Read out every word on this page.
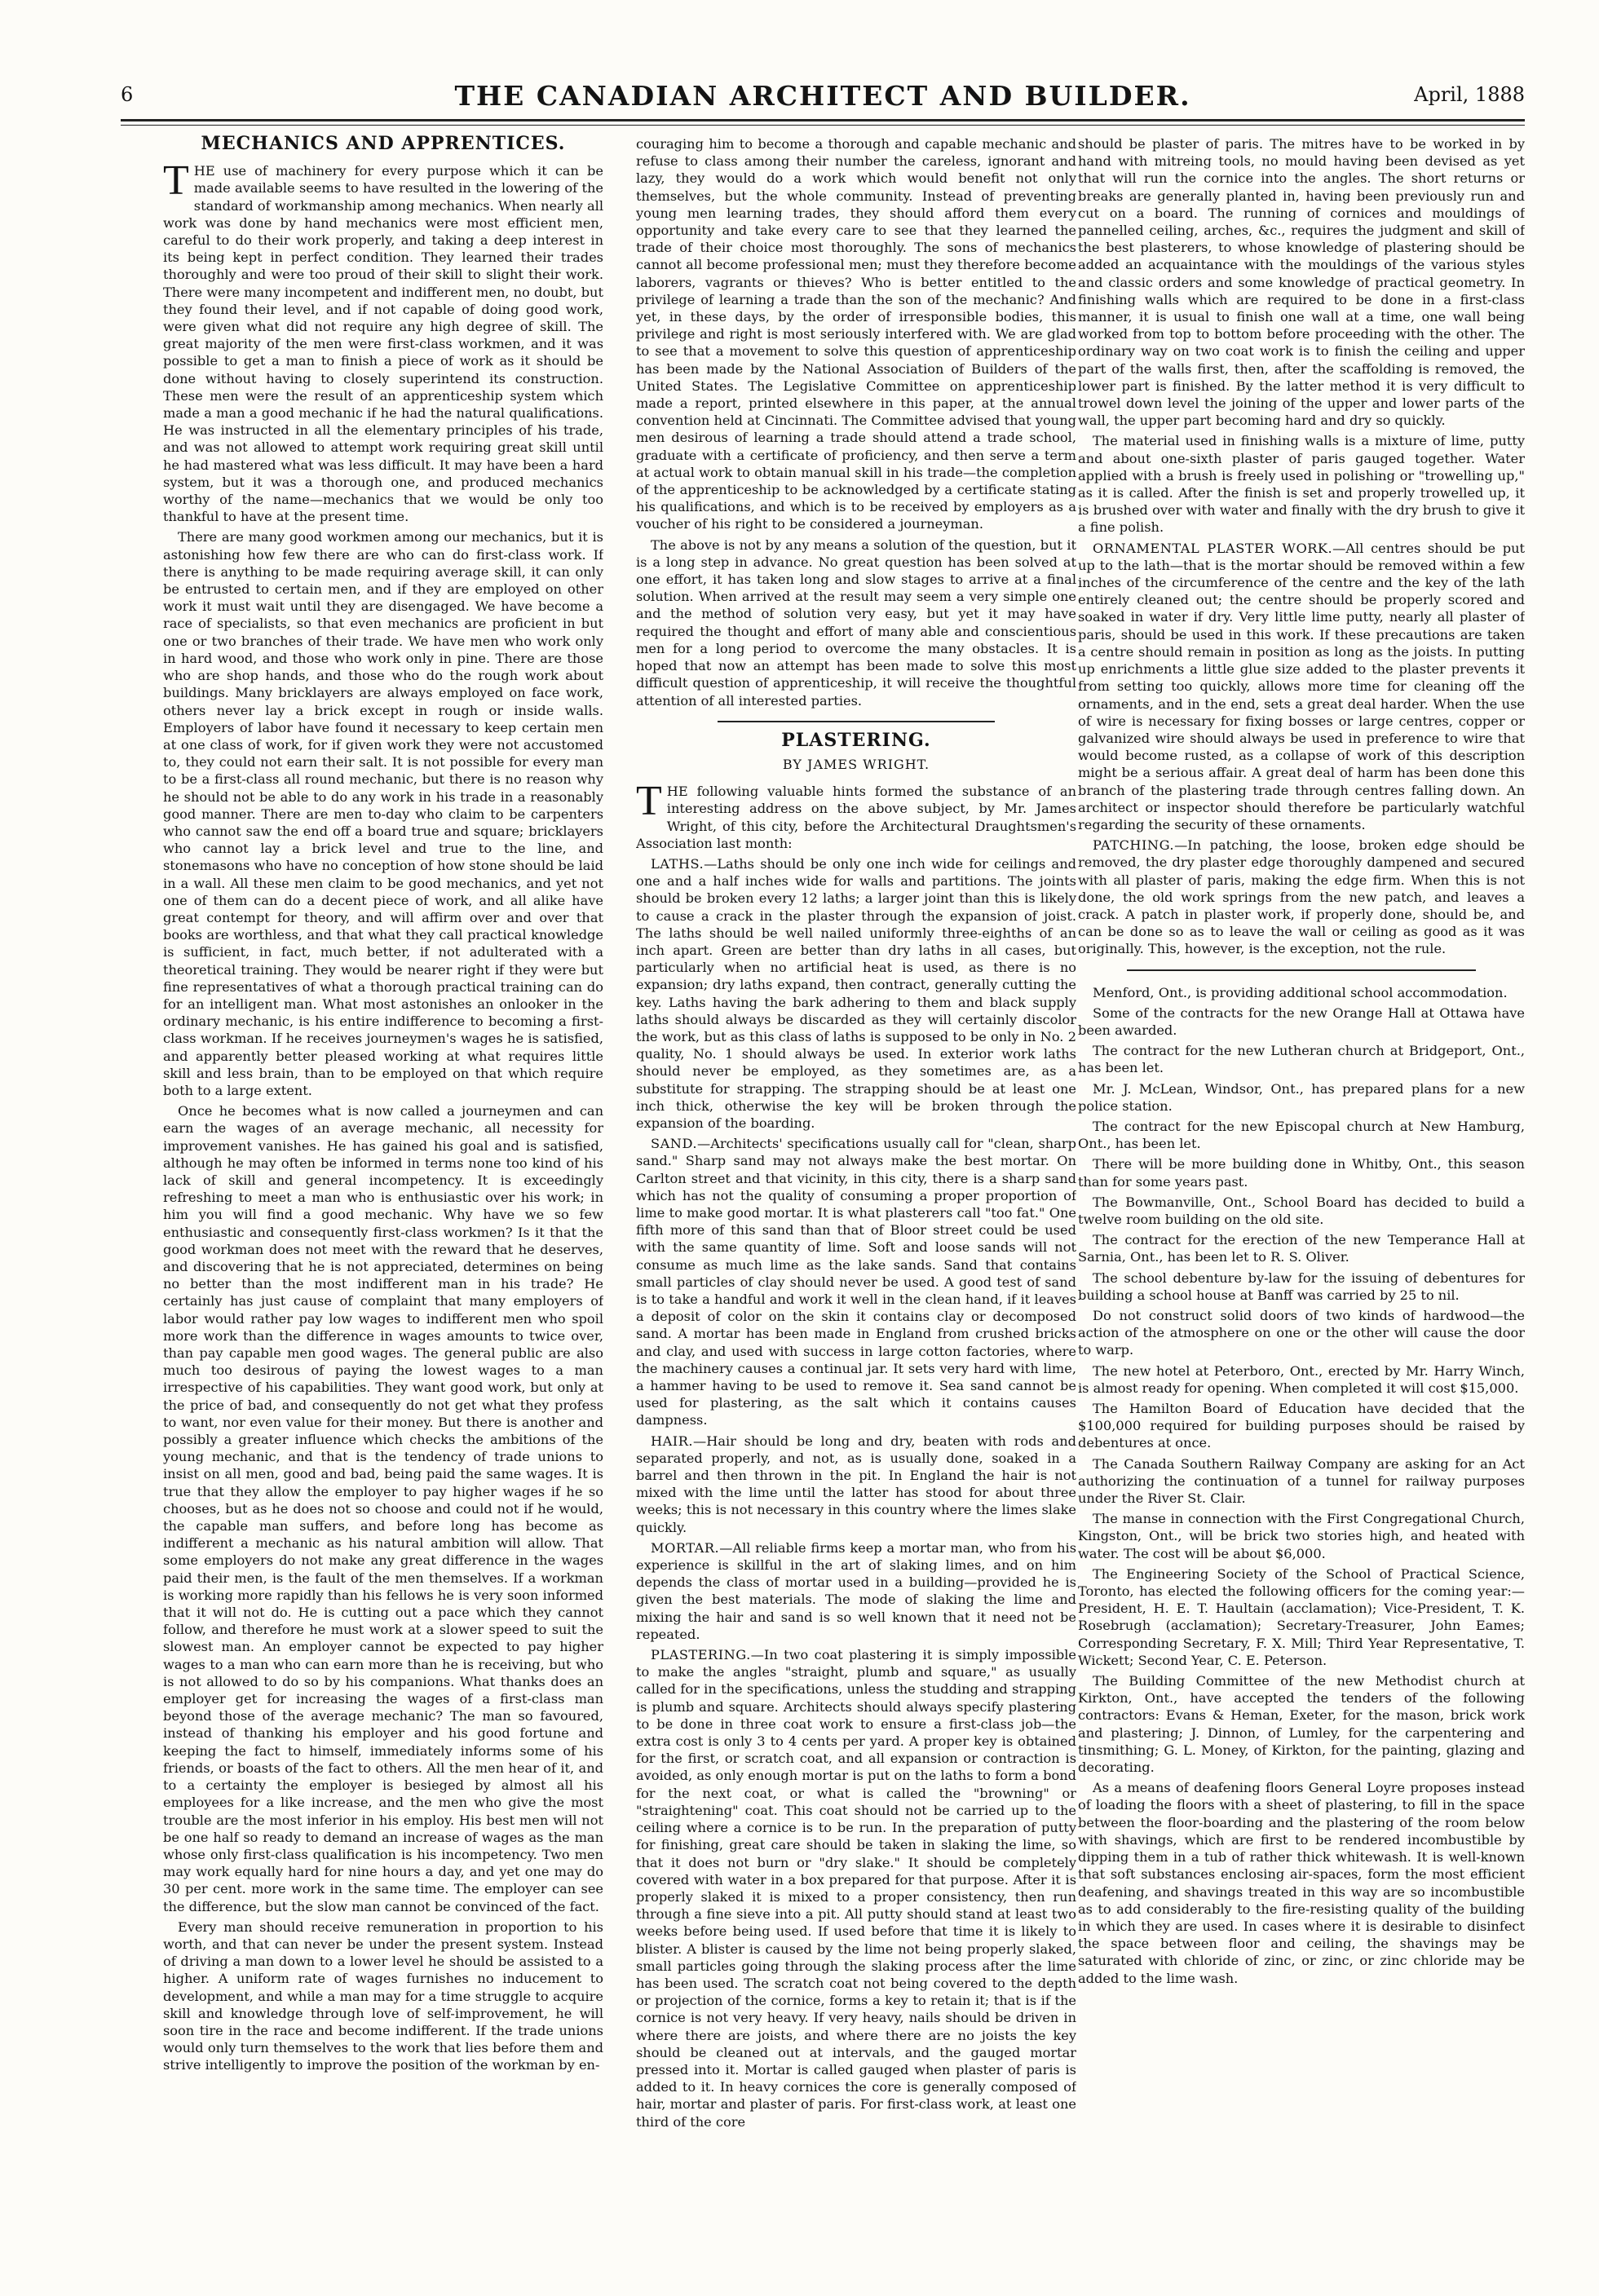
6	THE CANADIAN ARCHITECT AND BUILDER.	April, 1888
MECHANICS AND APPRENTICES.

THE use of machinery for every purpose which it can be made available seems to have resulted in the lowering of the standard of workmanship among mechanics. When nearly all work was done by hand mechanics were most efficient men, careful to do their work properly, and taking a deep interest in its being kept in perfect condition. They learned their trades thoroughly and were too proud of their skill to slight their work. There were many incompetent and indifferent men, no doubt, but they found their level, and if not capable of doing good work, were given what did not require any high degree of skill. The great majority of the men were first-class workmen, and it was possible to get a man to finish a piece of work as it should be done without having to closely superintend its construction. These men were the result of an apprenticeship system which made a man a good mechanic if he had the natural qualifications. He was instructed in all the elementary principles of his trade, and was not allowed to attempt work requiring great skill until he had mastered what was less difficult. It may have been a hard system, but it was a thorough one, and produced mechanics worthy of the name—mechanics that we would be only too thankful to have at the present time.

There are many good workmen among our mechanics, but it is astonishing how few there are who can do first-class work. If there is anything to be made requiring average skill, it can only be entrusted to certain men, and if they are employed on other work it must wait until they are disengaged. We have become a race of specialists, so that even mechanics are proficient in but one or two branches of their trade. We have men who work only in hard wood, and those who work only in pine. There are those who are shop hands, and those who do the rough work about buildings. Many bricklayers are always employed on face work, others never lay a brick except in rough or inside walls. Employers of labor have found it necessary to keep certain men at one class of work, for if given work they were not accustomed to, they could not earn their salt. It is not possible for every man to be a first-class all round mechanic, but there is no reason why he should not be able to do any work in his trade in a reasonably good manner. There are men to-day who claim to be carpenters who cannot saw the end off a board true and square; bricklayers who cannot lay a brick level and true to the line, and stonemasons who have no conception of how stone should be laid in a wall. All these men claim to be good mechanics, and yet not one of them can do a decent piece of work, and all alike have great contempt for theory, and will affirm over and over that books are worthless, and that what they call practical knowledge is sufficient, in fact, much better, if not adulterated with a theoretical training. They would be nearer right if they were but fine representatives of what a thorough practical training can do for an intelligent man. What most astonishes an onlooker in the ordinary mechanic, is his entire indifference to becoming a first-class workman. If he receives journeymen's wages he is satisfied, and apparently better pleased working at what requires little skill and less brain, than to be employed on that which require both to a large extent.

Once he becomes what is now called a journeymen and can earn the wages of an average mechanic, all necessity for improvement vanishes. He has gained his goal and is satisfied, although he may often be informed in terms none too kind of his lack of skill and general incompetency. It is exceedingly refreshing to meet a man who is enthusiastic over his work; in him you will find a good mechanic. Why have we so few enthusiastic and consequently first-class workmen? Is it that the good workman does not meet with the reward that he deserves, and discovering that he is not appreciated, determines on being no better than the most indifferent man in his trade? He certainly has just cause of complaint that many employers of labor would rather pay low wages to indifferent men who spoil more work than the difference in wages amounts to twice over, than pay capable men good wages. The general public are also much too desirous of paying the lowest wages to a man irrespective of his capabilities. They want good work, but only at the price of bad, and consequently do not get what they profess to want, nor even value for their money. But there is another and possibly a greater influence which checks the ambitions of the young mechanic, and that is the tendency of trade unions to insist on all men, good and bad, being paid the same wages. It is true that they allow the employer to pay higher wages if he so chooses, but as he does not so choose and could not if he would, the capable man suffers, and before long has become as indifferent a mechanic as his natural ambition will allow. That some employers do not make any great difference in the wages paid their men, is the fault of the men themselves. If a workman is working more rapidly than his fellows he is very soon informed that it will not do. He is cutting out a pace which they cannot follow, and therefore he must work at a slower speed to suit the slowest man. An employer cannot be expected to pay higher wages to a man who can earn more than he is receiving, but who is not allowed to do so by his companions. What thanks does an employer get for increasing the wages of a first-class man beyond those of the average mechanic? The man so favoured, instead of thanking his employer and his good fortune and keeping the fact to himself, immediately informs some of his friends, or boasts of the fact to others. All the men hear of it, and to a certainty the employer is besieged by almost all his employees for a like increase, and the men who give the most trouble are the most inferior in his employ. His best men will not be one half so ready to demand an increase of wages as the man whose only first-class qualification is his incompetency. Two men may work equally hard for nine hours a day, and yet one may do 30 per cent. more work in the same time. The employer can see the difference, but the slow man cannot be convinced of the fact.

Every man should receive remuneration in proportion to his worth, and that can never be under the present system. Instead of driving a man down to a lower level he should be assisted to a higher. A uniform rate of wages furnishes no inducement to development, and while a man may for a time struggle to acquire skill and knowledge through love of self-improvement, he will soon tire in the race and become indifferent. If the trade unions would only turn themselves to the work that lies before them and strive intelligently to improve the position of the workman by en-

couraging him to become a thorough and capable mechanic and refuse to class among their number the careless, ignorant and lazy, they would do a work which would benefit not only themselves, but the whole community. Instead of preventing young men learning trades, they should afford them every opportunity and take every care to see that they learned the trade of their choice most thoroughly. The sons of mechanics cannot all become professional men; must they therefore become laborers, vagrants or thieves? Who is better entitled to the privilege of learning a trade than the son of the mechanic? And yet, in these days, by the order of irresponsible bodies, this privilege and right is most seriously interfered with. We are glad to see that a movement to solve this question of apprenticeship has been made by the National Association of Builders of the United States. The Legislative Committee on apprenticeship made a report, printed elsewhere in this paper, at the annual convention held at Cincinnati. The Committee advised that young men desirous of learning a trade should attend a trade school, graduate with a certificate of proficiency, and then serve a term at actual work to obtain manual skill in his trade—the completion of the apprenticeship to be acknowledged by a certificate stating his qualifications, and which is to be received by employers as a voucher of his right to be considered a journeyman.

The above is not by any means a solution of the question, but it is a long step in advance. No great question has been solved at one effort, it has taken long and slow stages to arrive at a final solution. When arrived at the result may seem a very simple one and the method of solution very easy, but yet it may have required the thought and effort of many able and conscientious men for a long period to overcome the many obstacles. It is hoped that now an attempt has been made to solve this most difficult question of apprenticeship, it will receive the thoughtful attention of all interested parties.

PLASTERING.
BY JAMES WRIGHT.

THE following valuable hints formed the substance of an interesting address on the above subject, by Mr. James Wright, of this city, before the Architectural Draughtsmen's Association last month:

LATHS.—Laths should be only one inch wide for ceilings and one and a half inches wide for walls and partitions. The joints should be broken every 12 laths; a larger joint than this is likely to cause a crack in the plaster through the expansion of joist. The laths should be well nailed uniformly three-eighths of an inch apart. Green are better than dry laths in all cases, but particularly when no artificial heat is used, as there is no expansion; dry laths expand, then contract, generally cutting the key. Laths having the bark adhering to them and black supply laths should always be discarded as they will certainly discolor the work, but as this class of laths is supposed to be only in No. 2 quality, No. 1 should always be used. In exterior work laths should never be employed, as they sometimes are, as a substitute for strapping. The strapping should be at least one inch thick, otherwise the key will be broken through the expansion of the boarding.

SAND.—Architects' specifications usually call for "clean, sharp sand." Sharp sand may not always make the best mortar. On Carlton street and that vicinity, in this city, there is a sharp sand which has not the quality of consuming a proper proportion of lime to make good mortar. It is what plasterers call "too fat." One fifth more of this sand than that of Bloor street could be used with the same quantity of lime. Soft and loose sands will not consume as much lime as the lake sands. Sand that contains small particles of clay should never be used. A good test of sand is to take a handful and work it well in the clean hand, if it leaves a deposit of color on the skin it contains clay or decomposed sand. A mortar has been made in England from crushed bricks and clay, and used with success in large cotton factories, where the machinery causes a continual jar. It sets very hard with lime, a hammer having to be used to remove it. Sea sand cannot be used for plastering, as the salt which it contains causes dampness.

HAIR.—Hair should be long and dry, beaten with rods and separated properly, and not, as is usually done, soaked in a barrel and then thrown in the pit. In England the hair is not mixed with the lime until the latter has stood for about three weeks; this is not necessary in this country where the limes slake quickly.

MORTAR.—All reliable firms keep a mortar man, who from his experience is skillful in the art of slaking limes, and on him depends the class of mortar used in a building—provided he is given the best materials. The mode of slaking the lime and mixing the hair and sand is so well known that it need not be repeated.

PLASTERING.—In two coat plastering it is simply impossible to make the angles "straight, plumb and square," as usually called for in the specifications, unless the studding and strapping is plumb and square. Architects should always specify plastering to be done in three coat work to ensure a first-class job—the extra cost is only 3 to 4 cents per yard. A proper key is obtained for the first, or scratch coat, and all expansion or contraction is avoided, as only enough mortar is put on the laths to form a bond for the next coat, or what is called the "browning" or "straightening" coat. This coat should not be carried up to the ceiling where a cornice is to be run. In the preparation of putty for finishing, great care should be taken in slaking the lime, so that it does not burn or "dry slake." It should be completely covered with water in a box prepared for that purpose. After it is properly slaked it is mixed to a proper consistency, then run through a fine sieve into a pit. All putty should stand at least two weeks before being used. If used before that time it is likely to blister. A blister is caused by the lime not being properly slaked, small particles going through the slaking process after the lime has been used. The scratch coat not being covered to the depth or projection of the cornice, forms a key to retain it; that is if the cornice is not very heavy. If very heavy, nails should be driven in where there are joists, and where there are no joists the key should be cleaned out at intervals, and the gauged mortar pressed into it. Mortar is called gauged when plaster of paris is added to it. In heavy cornices the core is generally composed of hair, mortar and plaster of paris. For first-class work, at least one third of the core

should be plaster of paris. The mitres have to be worked in by hand with mitreing tools, no mould having been devised as yet that will run the cornice into the angles. The short returns or breaks are generally planted in, having been previously run and cut on a board. The running of cornices and mouldings of pannelled ceiling, arches, &c., requires the judgment and skill of the best plasterers, to whose knowledge of plastering should be added an acquaintance with the mouldings of the various styles and classic orders and some knowledge of practical geometry. In finishing walls which are required to be done in a first-class manner, it is usual to finish one wall at a time, one wall being worked from top to bottom before proceeding with the other. The ordinary way on two coat work is to finish the ceiling and upper part of the walls first, then, after the scaffolding is removed, the lower part is finished. By the latter method it is very difficult to trowel down level the joining of the upper and lower parts of the wall, the upper part becoming hard and dry so quickly.

The material used in finishing walls is a mixture of lime, putty and about one-sixth plaster of paris gauged together. Water applied with a brush is freely used in polishing or "trowelling up," as it is called. After the finish is set and properly trowelled up, it is brushed over with water and finally with the dry brush to give it a fine polish.

ORNAMENTAL PLASTER WORK.—All centres should be put up to the lath—that is the mortar should be removed within a few inches of the circumference of the centre and the key of the lath entirely cleaned out; the centre should be properly scored and soaked in water if dry. Very little lime putty, nearly all plaster of paris, should be used in this work. If these precautions are taken a centre should remain in position as long as the joists. In putting up enrichments a little glue size added to the plaster prevents it from setting too quickly, allows more time for cleaning off the ornaments, and in the end, sets a great deal harder. When the use of wire is necessary for fixing bosses or large centres, copper or galvanized wire should always be used in preference to wire that would become rusted, as a collapse of work of this description might be a serious affair. A great deal of harm has been done this branch of the plastering trade through centres falling down. An architect or inspector should therefore be particularly watchful regarding the security of these ornaments.

PATCHING.—In patching, the loose, broken edge should be removed, the dry plaster edge thoroughly dampened and secured with all plaster of paris, making the edge firm. When this is not done, the old work springs from the new patch, and leaves a crack. A patch in plaster work, if properly done, should be, and can be done so as to leave the wall or ceiling as good as it was originally. This, however, is the exception, not the rule.

Menford, Ont., is providing additional school accommodation.

Some of the contracts for the new Orange Hall at Ottawa have been awarded.

The contract for the new Lutheran church at Bridgeport, Ont., has been let.

Mr. J. McLean, Windsor, Ont., has prepared plans for a new police station.

The contract for the new Episcopal church at New Hamburg, Ont., has been let.

There will be more building done in Whitby, Ont., this season than for some years past.

The Bowmanville, Ont., School Board has decided to build a twelve room building on the old site.

The contract for the erection of the new Temperance Hall at Sarnia, Ont., has been let to R. S. Oliver.

The school debenture by-law for the issuing of debentures for building a school house at Banff was carried by 25 to nil.

Do not construct solid doors of two kinds of hardwood—the action of the atmosphere on one or the other will cause the door to warp.

The new hotel at Peterboro, Ont., erected by Mr. Harry Winch, is almost ready for opening. When completed it will cost $15,000.

The Hamilton Board of Education have decided that the $100,000 required for building purposes should be raised by debentures at once.

The Canada Southern Railway Company are asking for an Act authorizing the continuation of a tunnel for railway purposes under the River St. Clair.

The manse in connection with the First Congregational Church, Kingston, Ont., will be brick two stories high, and heated with water. The cost will be about $6,000.

The Engineering Society of the School of Practical Science, Toronto, has elected the following officers for the coming year:—President, H. E. T. Haultain (acclamation); Vice-President, T. K. Rosebrugh (acclamation); Secretary-Treasurer, John Eames; Corresponding Secretary, F. X. Mill; Third Year Representative, T. Wickett; Second Year, C. E. Peterson.

The Building Committee of the new Methodist church at Kirkton, Ont., have accepted the tenders of the following contractors: Evans & Heman, Exeter, for the mason, brick work and plastering; J. Dinnon, of Lumley, for the carpentering and tinsmithing; G. L. Money, of Kirkton, for the painting, glazing and decorating.

As a means of deafening floors General Loyre proposes instead of loading the floors with a sheet of plastering, to fill in the space between the floor-boarding and the plastering of the room below with shavings, which are first to be rendered incombustible by dipping them in a tub of rather thick whitewash. It is well-known that soft substances enclosing air-spaces, form the most efficient deafening, and shavings treated in this way are so incombustible as to add considerably to the fire-resisting quality of the building in which they are used. In cases where it is desirable to disinfect the space between floor and ceiling, the shavings may be saturated with chloride of zinc, or zinc, or zinc chloride may be added to the lime wash.
